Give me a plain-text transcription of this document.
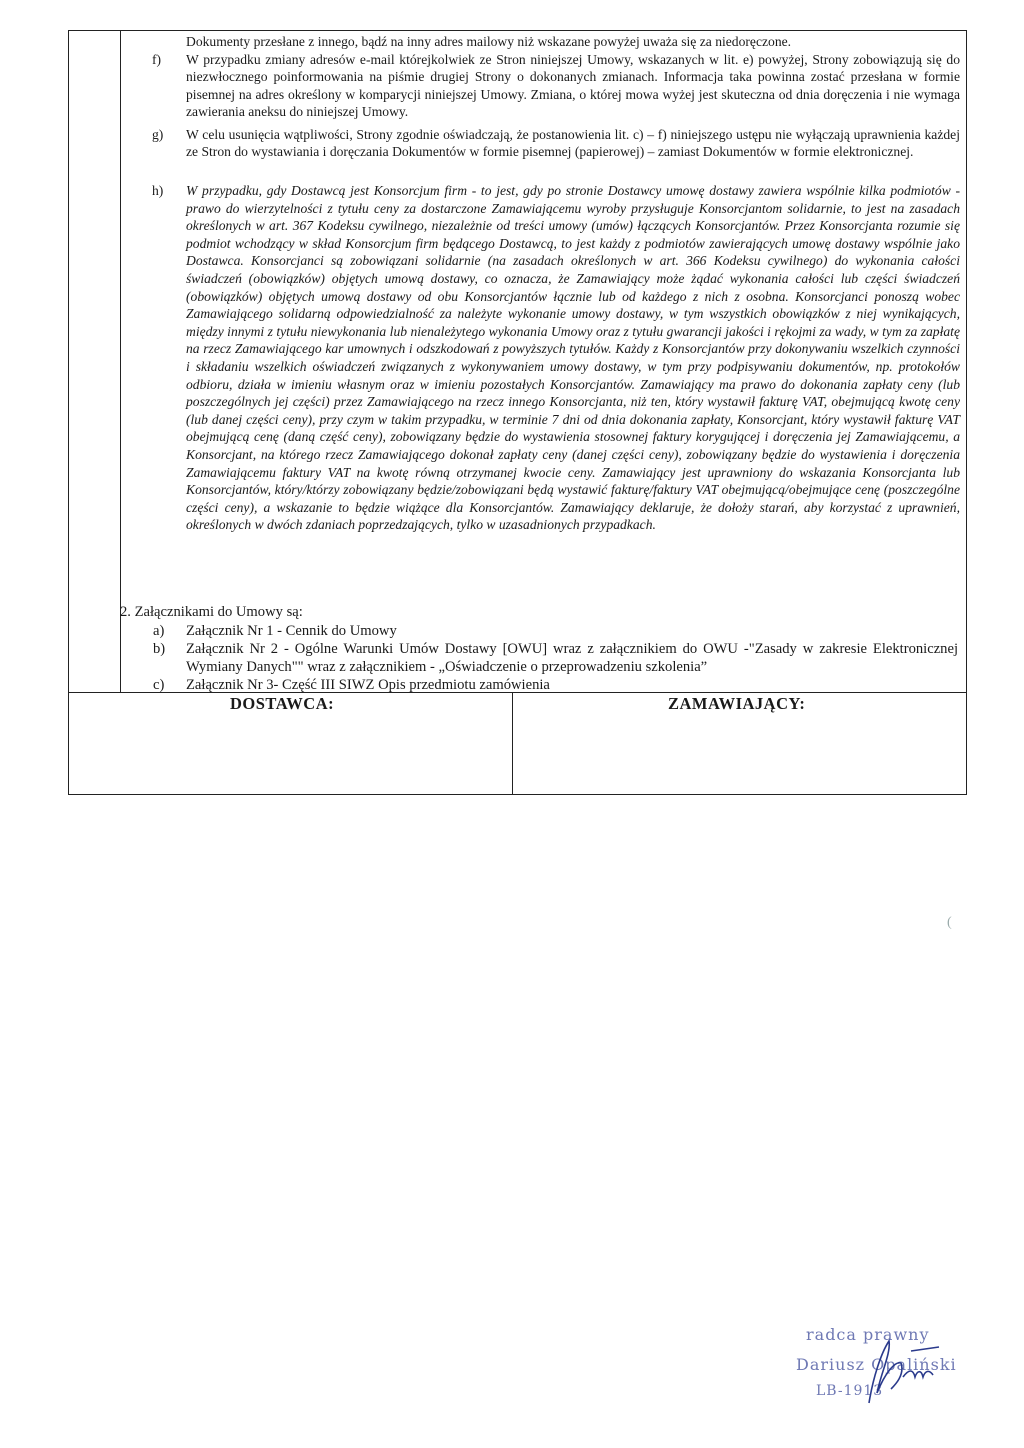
Dokumenty przesłane z innego, bądź na inny adres mailowy niż wskazane powyżej uważa się za niedoręczone.
f) W przypadku zmiany adresów e-mail którejkolwiek ze Stron niniejszej Umowy, wskazanych w lit. e) powyżej, Strony zobowiązują się do niezwłocznego poinformowania na piśmie drugiej Strony o dokonanych zmianach. Informacja taka powinna zostać przesłana w formie pisemnej na adres określony w komparycji niniejszej Umowy. Zmiana, o której mowa wyżej jest skuteczna od dnia doręczenia i nie wymaga zawierania aneksu do niniejszej Umowy.
g) W celu usunięcia wątpliwości, Strony zgodnie oświadczają, że postanowienia lit. c) – f) niniejszego ustępu nie wyłączają uprawnienia każdej ze Stron do wystawiania i doręczania Dokumentów w formie pisemnej (papierowej) – zamiast Dokumentów w formie elektronicznej.
h) W przypadku, gdy Dostawcą jest Konsorcjum firm - to jest, gdy po stronie Dostawcy umowę dostawy zawiera wspólnie kilka podmiotów - prawo do wierzytelności z tytułu ceny za dostarczone Zamawiającemu wyroby przysługuje Konsorcjantom solidarnie, to jest na zasadach określonych w art. 367 Kodeksu cywilnego, niezależnie od treści umowy (umów) łączących Konsorcjantów. Przez Konsorcjanta rozumie się podmiot wchodzący w skład Konsorcjum firm będącego Dostawcą, to jest każdy z podmiotów zawierających umowę dostawy wspólnie jako Dostawca. Konsorcjanci są zobowiązani solidarnie (na zasadach określonych w art. 366 Kodeksu cywilnego) do wykonania całości świadczeń (obowiązków) objętych umową dostawy, co oznacza, że Zamawiający może żądać wykonania całości lub części świadczeń (obowiązków) objętych umową dostawy od obu Konsorcjantów łącznie lub od każdego z nich z osobna. Konsorcjanci ponoszą wobec Zamawiającego solidarną odpowiedzialność za należyte wykonanie umowy dostawy, w tym wszystkich obowiązków z niej wynikających, między innymi z tytułu niewykonania lub nienależytego wykonania Umowy oraz z tytułu gwarancji jakości i rękojmi za wady, w tym za zapłatę na rzecz Zamawiającego kar umownych i odszkodowań z powyższych tytułów. Każdy z Konsorcjantów przy dokonywaniu wszelkich czynności i składaniu wszelkich oświadczeń związanych z wykonywaniem umowy dostawy, w tym przy podpisywaniu dokumentów, np. protokołów odbioru, działa w imieniu własnym oraz w imieniu pozostałych Konsorcjantów. Zamawiający ma prawo do dokonania zapłaty ceny (lub poszczególnych jej części) przez Zamawiającego na rzecz innego Konsorcjanta, niż ten, który wystawił fakturę VAT, obejmującą kwotę ceny (lub danej części ceny), przy czym w takim przypadku, w terminie 7 dni od dnia dokonania zapłaty, Konsorcjant, który wystawił fakturę VAT obejmującą cenę (daną część ceny), zobowiązany będzie do wystawienia stosownej faktury korygującej i doręczenia jej Zamawiającemu, a Konsorcjant, na którego rzecz Zamawiającego dokonał zapłaty ceny (danej części ceny), zobowiązany będzie do wystawienia i doręczenia Zamawiającemu faktury VAT na kwotę równą otrzymanej kwocie ceny. Zamawiający jest uprawniony do wskazania Konsorcjanta lub Konsorcjantów, który/którzy zobowiązany będzie/zobowiązani będą wystawić fakturę/faktury VAT obejmującą/obejmujące cenę (poszczególne części ceny), a wskazanie to będzie wiążące dla Konsorcjantów. Zamawiający deklaruje, że dołoży starań, aby korzystać z uprawnień, określonych w dwóch zdaniach poprzedzających, tylko w uzasadnionych przypadkach.
2. Załącznikami do Umowy są:
a) Załącznik Nr 1 - Cennik do Umowy
b) Załącznik Nr 2 - Ogólne Warunki Umów Dostawy [OWU] wraz z załącznikiem do OWU -"Zasady w zakresie Elektronicznej Wymiany Danych"" wraz z załącznikiem - „Oświadczenie o przeprowadzeniu szkolenia”
c) Załącznik Nr 3- Część III SIWZ Opis przedmiotu zamówienia
DOSTAWCA:	ZAMAWIAJĄCY:
(
radca prawny
Dariusz Opaliński
LB-1913
